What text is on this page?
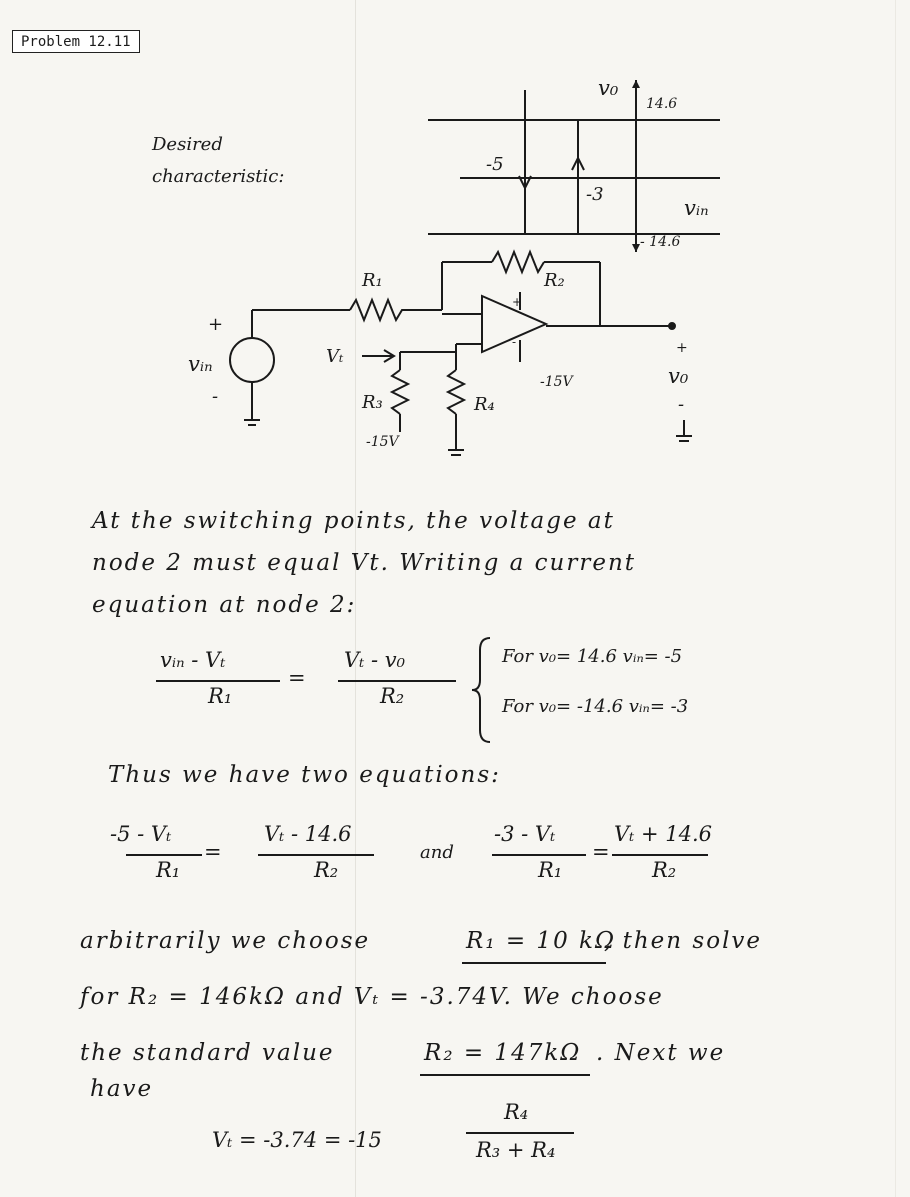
Problem 12.11
+
-
Desired
characteristic:
v₀
vᵢₙ
14.6
- 14.6
-5
-3
R₁	R₂
R₃	R₄
Vₜ
vᵢₙ
+
-
-15V
-15V
v₀
+
-
At the switching points, the voltage at
node 2 must equal Vt. Writing a current
equation at node 2:
vᵢₙ - Vₜ
R₁
=
Vₜ - v₀
R₂
For v₀= 14.6 vᵢₙ= -5
For v₀= -14.6 vᵢₙ= -3
Thus we have two equations:
-5 - Vₜ
R₁
=
Vₜ - 14.6
R₂
and
-3 - Vₜ
R₁
=
Vₜ + 14.6
R₂
arbitrarily we choose	R₁ = 10 kΩ
, then solve
for R₂ = 146kΩ and Vₜ = -3.74V. We choose
the standard value	R₂ = 147kΩ . Next we
have
Vₜ = -3.74 = -15
R₄
R₃ + R₄
